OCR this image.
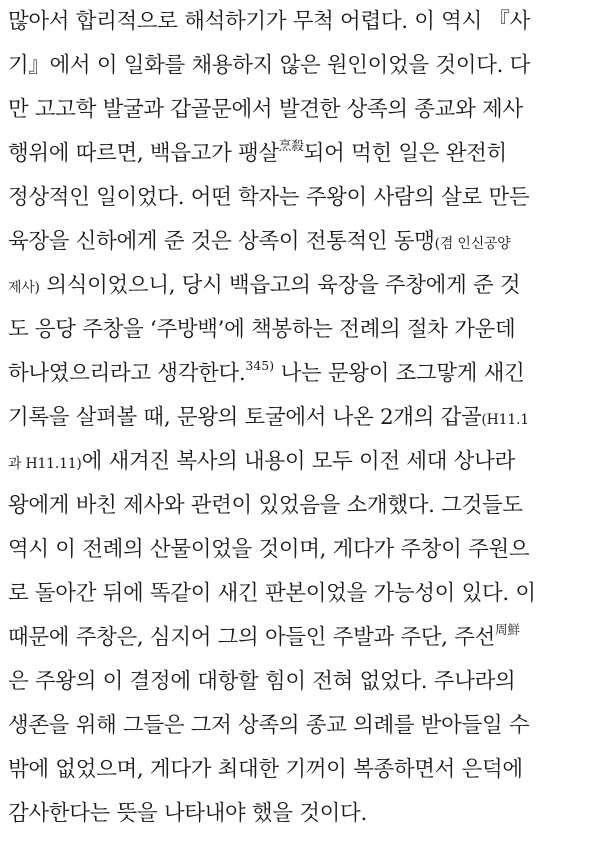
많아서 합리적으로 해석하기가 무척 어렵다. 이 역시 『사
기』에서 이 일화를 채용하지 않은 원인이었을 것이다. 다
만 고고학 발굴과 갑골문에서 발견한 상족의 종교와 제사
행위에 따르면, 백읍고가 팽살$^{烹殺}$되어 먹힌 일은 완전히
정상적인 일이었다. 어떤 학자는 주왕이 사람의 살로 만든
육장을 신하에게 준 것은 상족이 전통적인 동맹(겸 인신공양
제사) 의식이었으니, 당시 백읍고의 육장을 주창에게 준 것
도 응당 주창을 ‘주방백’에 책봉하는 전례의 절차 가운데
하나였으리라고 생각한다.$^{345)}$ 나는 문왕이 조그맣게 새긴
기록을 살펴볼 때, 문왕의 토굴에서 나온 2개의 갑골(H11.1
과 H11.11)에 새겨진 복사의 내용이 모두 이전 세대 상나라
왕에게 바친 제사와 관련이 있었음을 소개했다. 그것들도
역시 이 전례의 산물이었을 것이며, 게다가 주창이 주원으
로 돌아간 뒤에 똑같이 새긴 판본이었을 가능성이 있다. 이
때문에 주창은, 심지어 그의 아들인 주발과 주단, 주선$^{周鮮}$
은 주왕의 이 결정에 대항할 힘이 전혀 없었다. 주나라의
생존을 위해 그들은 그저 상족의 종교 의례를 받아들일 수
밖에 없었으며, 게다가 최대한 기꺼이 복종하면서 은덕에
감사한다는 뜻을 나타내야 했을 것이다.
